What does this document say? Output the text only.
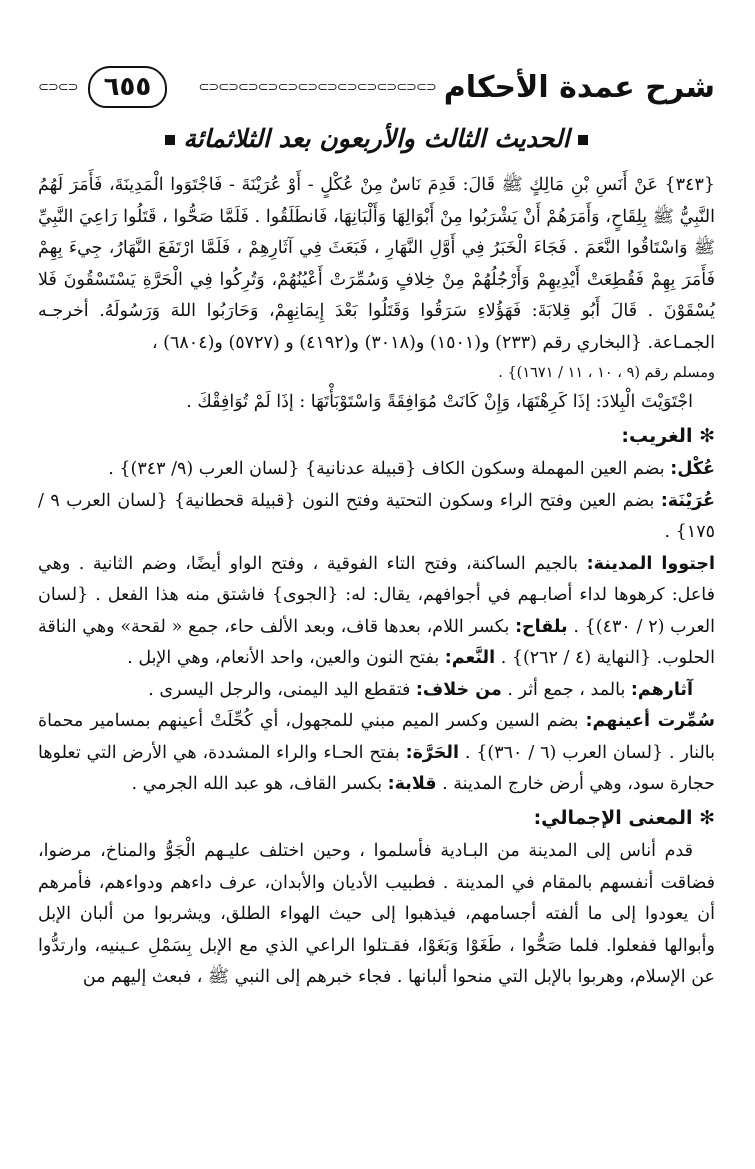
⊂⊃⊂⊃	٦٥٥	⊂⊃⊂⊃⊂⊃⊂⊃⊂⊃⊂⊃⊂⊃⊂⊃⊂⊃⊂⊃⊂⊃⊂⊃ شرح عمدة الأحكام
الحديث الثالث والأربعون بعد الثلاثمائة

{٣٤٣} عَنْ أَنَسِ بْنِ مَالِكٍ ﷺ قَالَ: قَدِمَ نَاسٌ مِنْ عُكْلٍ - أَوْ عُرَيْنَةَ - فَاجْتَوَوا الْمَدِينَةَ، فَأَمَرَ لَهُمُ النَّبِيُّ ﷺ بِلِقَاحٍ، وَأَمَرَهُمْ أَنْ يَشْرَبُوا مِنْ أَبْوَالِهَا وَأَلْبَانِهَا، فَانطَلَقُوا . فَلَمَّا صَحُّوا ، قَتَلُوا رَاعِيَ النَّبِيِّ ﷺ وَاسْتَاقُوا النَّعَمَ . فَجَاءَ الْخَبَرُ فِي أَوَّلِ النَّهَارِ ، فَبَعَثَ فِي آثَارِهِمْ ، فَلَمَّا ارْتَفَعَ النَّهَارُ، جِيءَ بِهِمْ فَأَمَرَ بِهِمْ فَقُطِعَتْ أَيْدِيهِمْ وَأَرْجُلُهُمْ مِنْ خِلافٍ وَسُمِّرَتْ أَعْيُنُهُمْ، وَتُرِكُوا فِي الْحَرَّةِ يَسْتَسْقُونَ فَلا يُسْقَوْنَ . قَالَ أَبُو قِلابَةَ: فَهَؤُلاءِ سَرَقُوا وَقَتَلُوا بَعْدَ إِيمَانِهِمْ، وَحَارَبُوا اللهَ وَرَسُولَهُ. أخرجـه الجمـاعة. {البخاري رقم (٢٣٣) و(١٥٠١) و(٣٠١٨) و(٤١٩٢) و (٥٧٢٧) و(٦٨٠٤) ،

ومسلم رقم (٩ ، ١٠ ، ١١ / ١٦٧١)} .

اجْتَوَيْتَ الْبِلادَ: إذَا كَرِهْتَهَا، وَإِنْ كَانَتْ مُوَافِقَةً وَاسْتَوْبَأْتَهَا : إذَا لَمْ تُوَافِقْكَ .

✻ الغريب:

عُكْل: بضم العين المهملة وسكون الكاف {قبيلة عدنانية} {لسان العرب (٩/ ٣٤٣)} .

عُرَيْنَة: بضم العين وفتح الراء وسكون التحتية وفتح النون {قبيلة قحطانية} {لسان العرب ٩ / ١٧٥} .

اجتووا المدينة: بالجيم الساكنة، وفتح التاء الفوقية ، وفتح الواو أيضًا، وضم الثانية . وهي فاعل: كرهوها لداء أصابـهم في أجوافهم، يقال: له: {الجوى} فاشتق منه هذا الفعل . {لسان العرب (٢ / ٤٣٠)} . بلقاح: بكسر اللام، بعدها قاف، وبعد الألف حاء، جمع « لقحة» وهي الناقة الحلوب. {النهاية (٤ / ٢٦٢)} . النَّعم: بفتح النون والعين، واحد الأنعام، وهي الإبل .

آثارهم: بالمد ، جمع أثر . من خلاف: فتقطع اليد اليمنى، والرجل اليسرى .

سُمِّرت أعينهم: بضم السين وكسر الميم مبني للمجهول، أي كُحِّلَتْ أعينهم بمسامير محماة بالنار . {لسان العرب (٦ / ٣٦٠)} . الحَرَّة: بفتح الحـاء والراء المشددة، هي الأرض التي تعلوها حجارة سود، وهي أرض خارج المدينة . قلابة: بكسر القاف، هو عبد الله الجرمي .

✻ المعنى الإجمالي:

قدم أناس إلى المدينة من البـادية فأسلموا ، وحين اختلف عليـهم الْجَوُّ والمناخ، مرضوا، فضاقت أنفسهم بالمقام في المدينة . فطبيب الأديان والأبدان، عرف داءهم ودواءهم، فأمرهم أن يعودوا إلى ما ألفته أجسامهم، فيذهبوا إلى حيث الهواء الطلق، ويشربوا من ألبان الإبل وأبوالها ففعلوا. فلما صَحُّوا ، طَغَوْا وَبَغَوْا، فقـتلوا الراعي الذي مع الإبل بِسَمْلِ عـينيه، وارتدُّوا عن الإسلام، وهربوا بالإبل التي منحوا ألبانها . فجاء خبرهم إلى النبي ﷺ ، فبعث إليهم من
